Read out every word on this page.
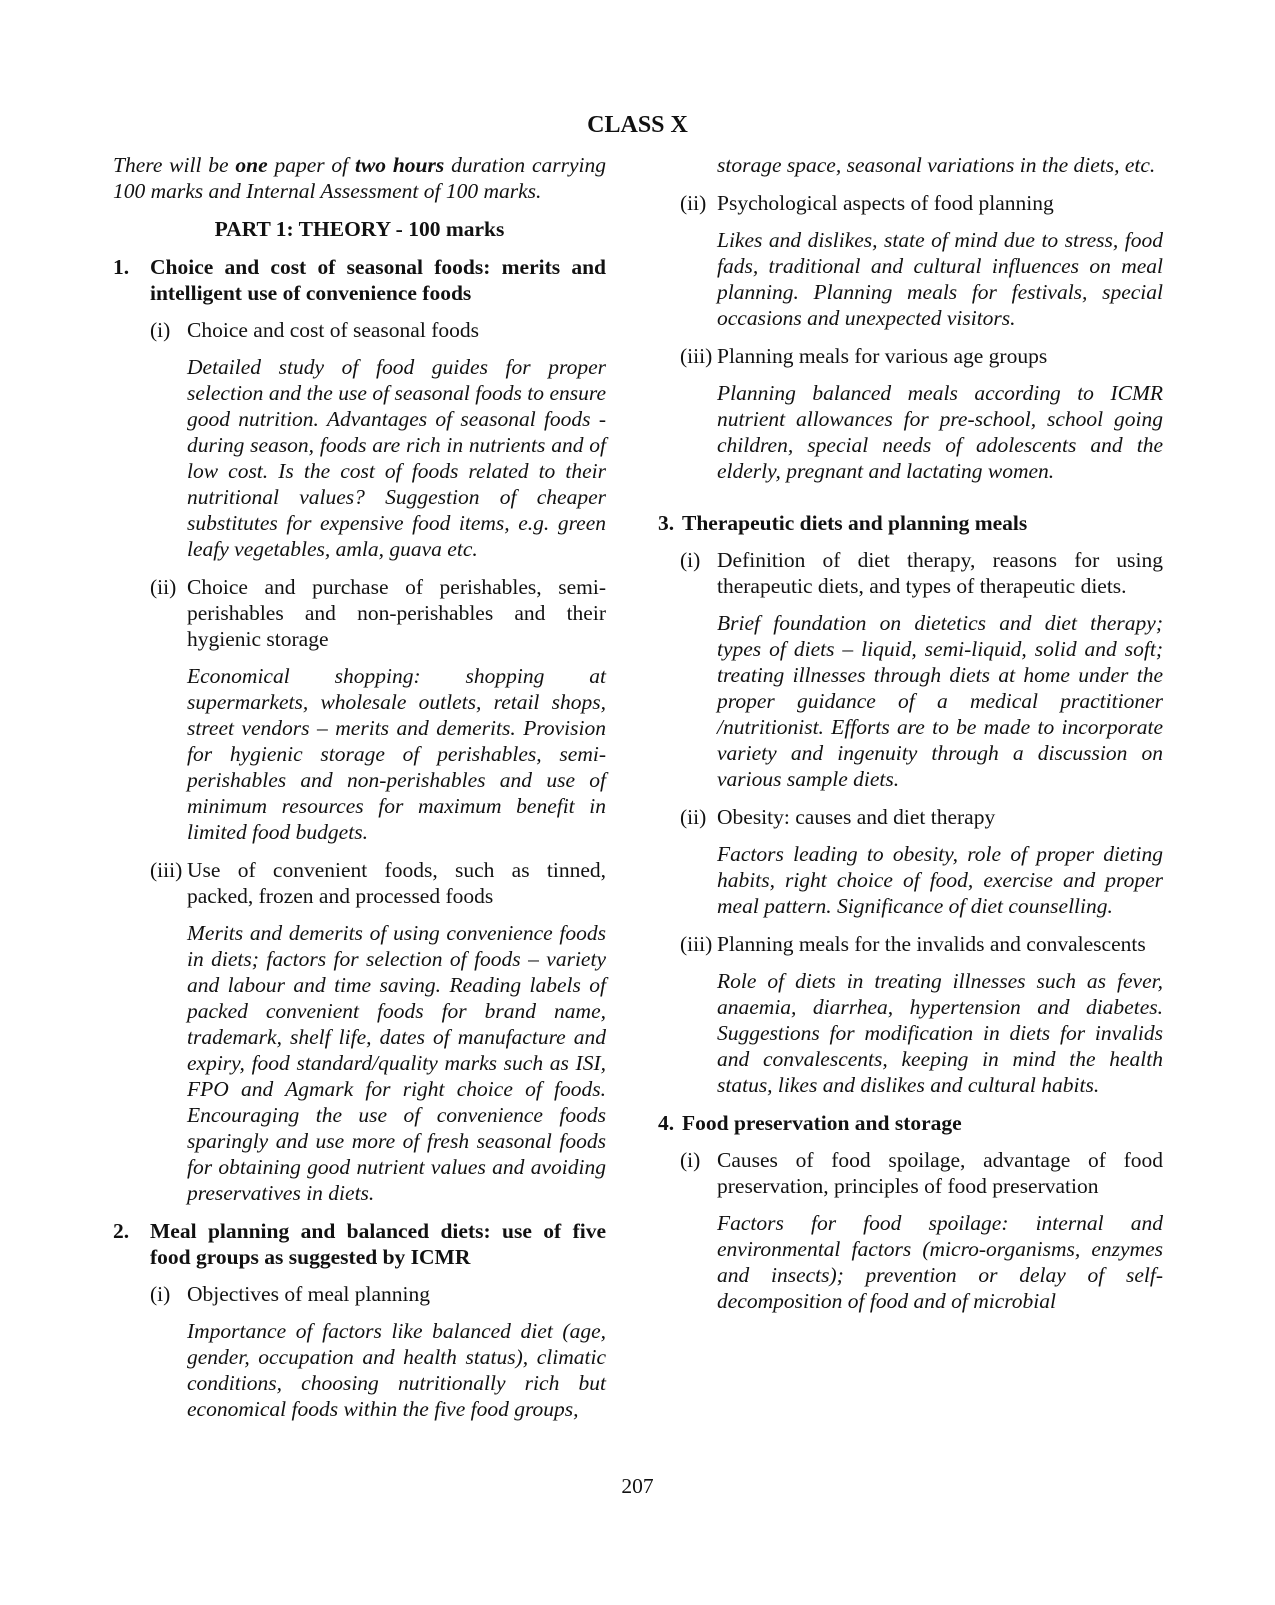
CLASS X

There will be one paper of two hours duration carrying 100 marks and Internal Assessment of 100 marks.

PART 1: THEORY - 100 marks

1. Choice and cost of seasonal foods: merits and intelligent use of convenience foods
(i) Choice and cost of seasonal foods

Detailed study of food guides for proper selection and the use of seasonal foods to ensure good nutrition. Advantages of seasonal foods - during season, foods are rich in nutrients and of low cost. Is the cost of foods related to their nutritional values? Suggestion of cheaper substitutes for expensive food items, e.g. green leafy vegetables, amla, guava etc.

(ii) Choice and purchase of perishables, semi-perishables and non-perishables and their hygienic storage

Economical shopping: shopping at supermarkets, wholesale outlets, retail shops, street vendors – merits and demerits. Provision for hygienic storage of perishables, semi-perishables and non-perishables and use of minimum resources for maximum benefit in limited food budgets.

(iii) Use of convenient foods, such as tinned, packed, frozen and processed foods

Merits and demerits of using convenience foods in diets; factors for selection of foods – variety and labour and time saving. Reading labels of packed convenient foods for brand name, trademark, shelf life, dates of manufacture and expiry, food standard/quality marks such as ISI, FPO and Agmark for right choice of foods. Encouraging the use of convenience foods sparingly and use more of fresh seasonal foods for obtaining good nutrient values and avoiding preservatives in diets.

2. Meal planning and balanced diets: use of five food groups as suggested by ICMR
(i) Objectives of meal planning

Importance of factors like balanced diet (age, gender, occupation and health status), climatic conditions, choosing nutritionally rich but economical foods within the five food groups,

storage space, seasonal variations in the diets, etc.

(ii) Psychological aspects of food planning

Likes and dislikes, state of mind due to stress, food fads, traditional and cultural influences on meal planning. Planning meals for festivals, special occasions and unexpected visitors.

(iii) Planning meals for various age groups

Planning balanced meals according to ICMR nutrient allowances for pre-school, school going children, special needs of adolescents and the elderly, pregnant and lactating women.

3. Therapeutic diets and planning meals
(i) Definition of diet therapy, reasons for using therapeutic diets, and types of therapeutic diets.

Brief foundation on dietetics and diet therapy; types of diets – liquid, semi-liquid, solid and soft; treating illnesses through diets at home under the proper guidance of a medical practitioner /nutritionist. Efforts are to be made to incorporate variety and ingenuity through a discussion on various sample diets.

(ii) Obesity: causes and diet therapy

Factors leading to obesity, role of proper dieting habits, right choice of food, exercise and proper meal pattern. Significance of diet counselling.

(iii) Planning meals for the invalids and convalescents

Role of diets in treating illnesses such as fever, anaemia, diarrhea, hypertension and diabetes. Suggestions for modification in diets for invalids and convalescents, keeping in mind the health status, likes and dislikes and cultural habits.

4. Food preservation and storage
(i) Causes of food spoilage, advantage of food preservation, principles of food preservation

Factors for food spoilage: internal and environmental factors (micro-organisms, enzymes and insects); prevention or delay of self-decomposition of food and of microbial

207
